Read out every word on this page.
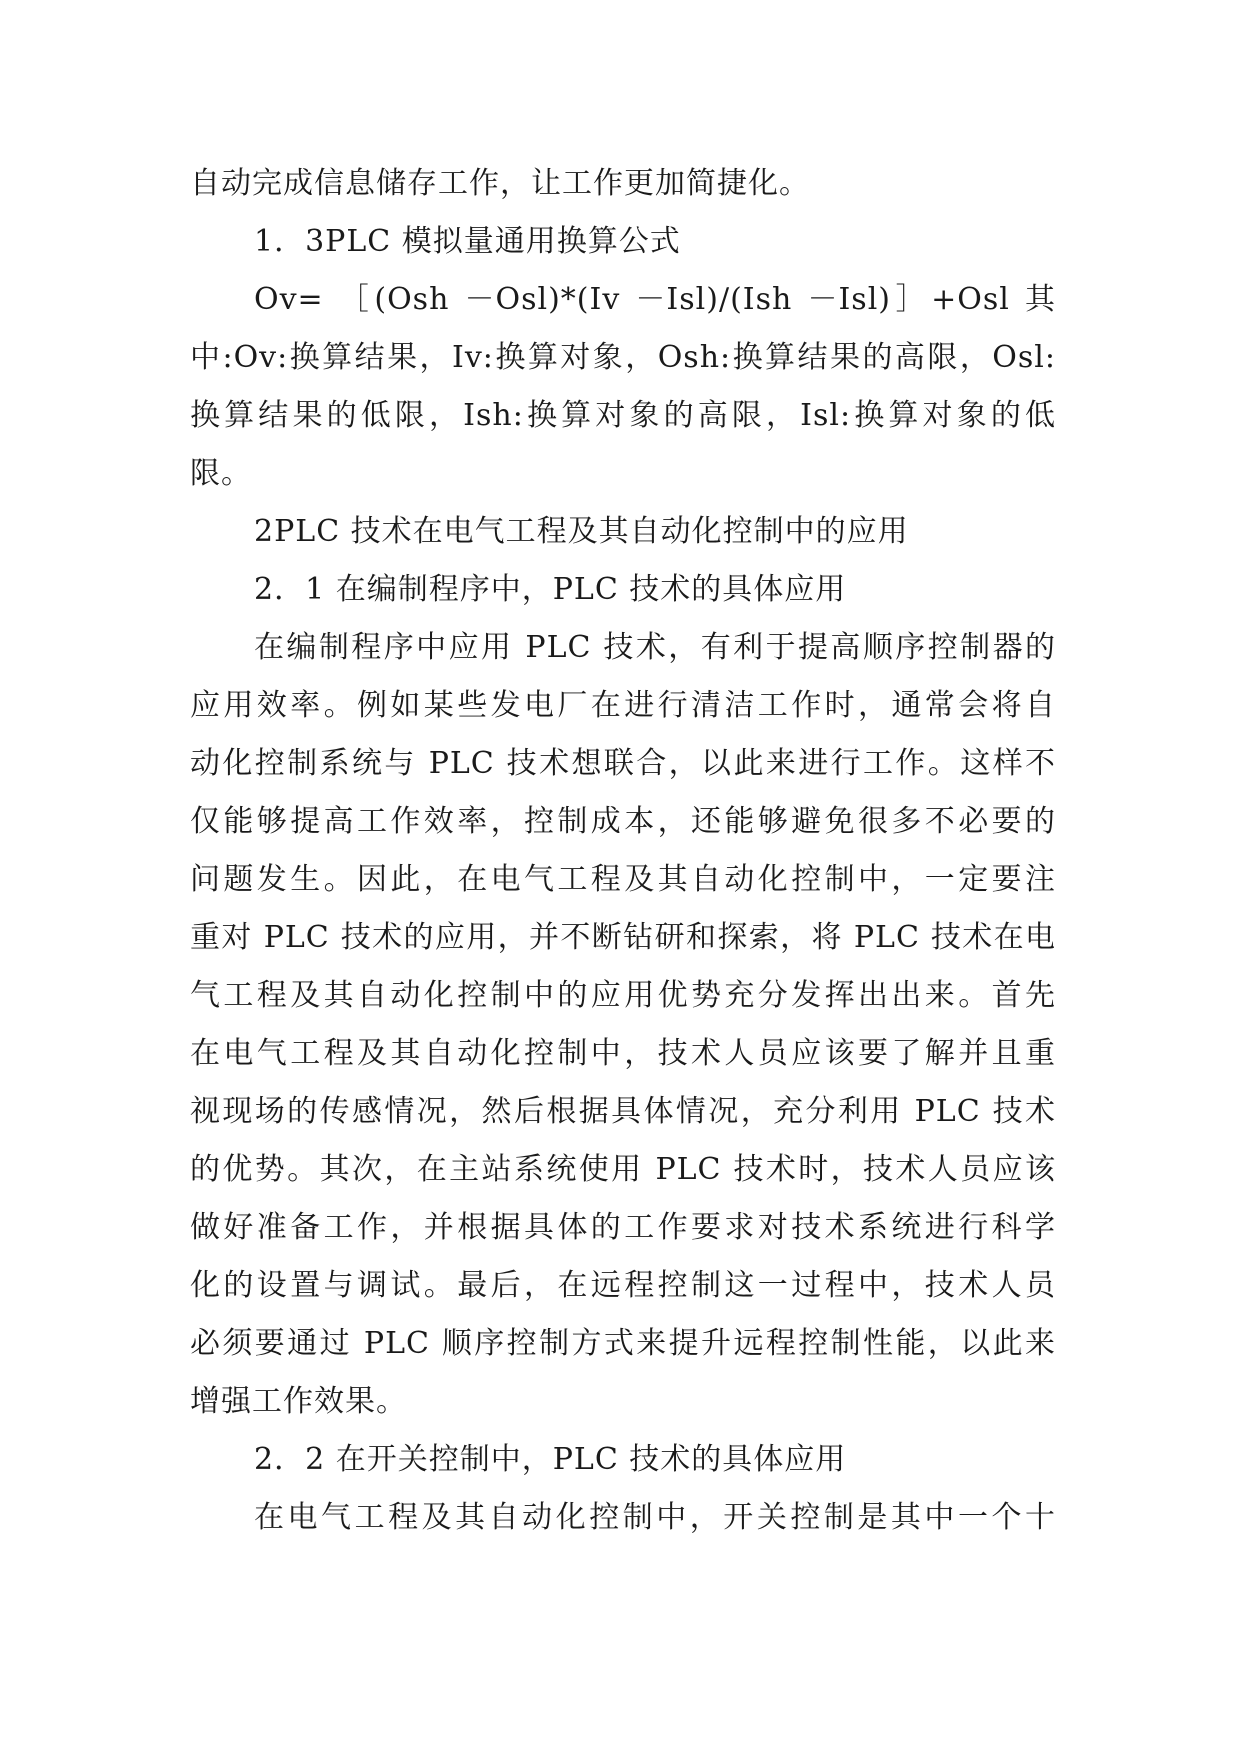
自动完成信息储存工作，让工作更加简捷化。
1．3PLC 模拟量通用换算公式
Ov= ［(Osh －Osl)*(Iv －Isl)/(Ish －Isl)］+Osl 其
中:Ov:换算结果，Iv:换算对象，Osh:换算结果的高限，Osl:
换算结果的低限，Ish:换算对象的高限，Isl:换算对象的低
限。
2PLC 技术在电气工程及其自动化控制中的应用
2．1 在编制程序中，PLC 技术的具体应用
在编制程序中应用 PLC 技术，有利于提高顺序控制器的
应用效率。例如某些发电厂在进行清洁工作时，通常会将自
动化控制系统与 PLC 技术想联合，以此来进行工作。这样不
仅能够提高工作效率，控制成本，还能够避免很多不必要的
问题发生。因此，在电气工程及其自动化控制中，一定要注
重对 PLC 技术的应用，并不断钻研和探索，将 PLC 技术在电
气工程及其自动化控制中的应用优势充分发挥出出来。首先
在电气工程及其自动化控制中，技术人员应该要了解并且重
视现场的传感情况，然后根据具体情况，充分利用 PLC 技术
的优势。其次，在主站系统使用 PLC 技术时，技术人员应该
做好准备工作，并根据具体的工作要求对技术系统进行科学
化的设置与调试。最后，在远程控制这一过程中，技术人员
必须要通过 PLC 顺序控制方式来提升远程控制性能，以此来
增强工作效果。
2．2 在开关控制中，PLC 技术的具体应用
在电气工程及其自动化控制中，开关控制是其中一个十
